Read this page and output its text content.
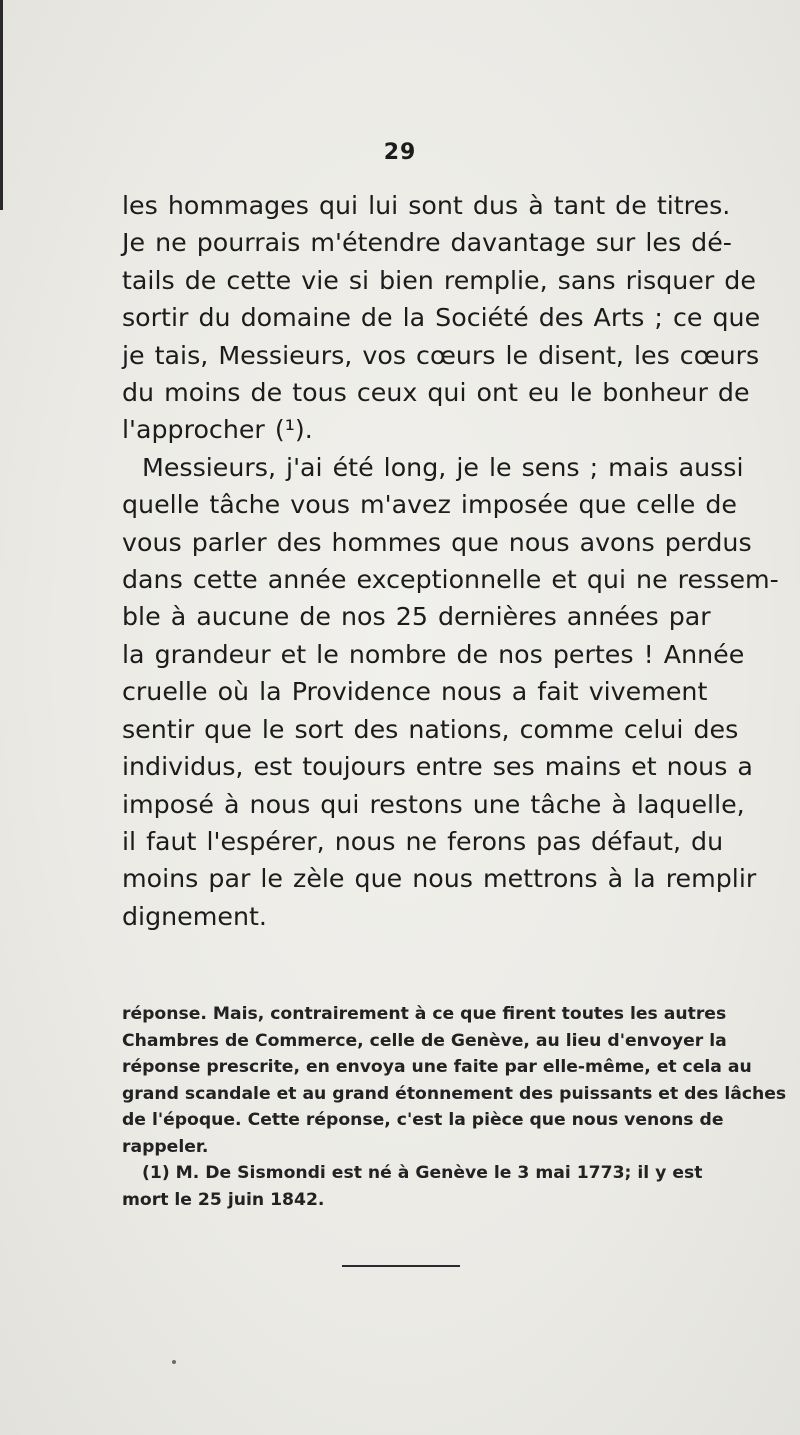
29
les hommages qui lui sont dus à tant de titres.
Je ne pourrais m'étendre davantage sur les dé-
tails de cette vie si bien remplie, sans risquer de
sortir du domaine de la Société des Arts ; ce que
je tais, Messieurs, vos cœurs le disent, les cœurs
du moins de tous ceux qui ont eu le bonheur de
l'approcher (¹).
Messieurs, j'ai été long, je le sens ; mais aussi
quelle tâche vous m'avez imposée que celle de
vous parler des hommes que nous avons perdus
dans cette année exceptionnelle et qui ne ressem-
ble à aucune de nos 25 dernières années par
la grandeur et le nombre de nos pertes ! Année
cruelle où la Providence nous a fait vivement
sentir que le sort des nations, comme celui des
individus, est toujours entre ses mains et nous a
imposé à nous qui restons une tâche à laquelle,
il faut l'espérer, nous ne ferons pas défaut, du
moins par le zèle que nous mettrons à la remplir
dignement.
réponse. Mais, contrairement à ce que firent toutes les autres
Chambres de Commerce, celle de Genève, au lieu d'envoyer la
réponse prescrite, en envoya une faite par elle-même, et cela au
grand scandale et au grand étonnement des puissants et des lâches
de l'époque. Cette réponse, c'est la pièce que nous venons de
rappeler.
(1) M. De Sismondi est né à Genève le 3 mai 1773; il y est
mort le 25 juin 1842.
